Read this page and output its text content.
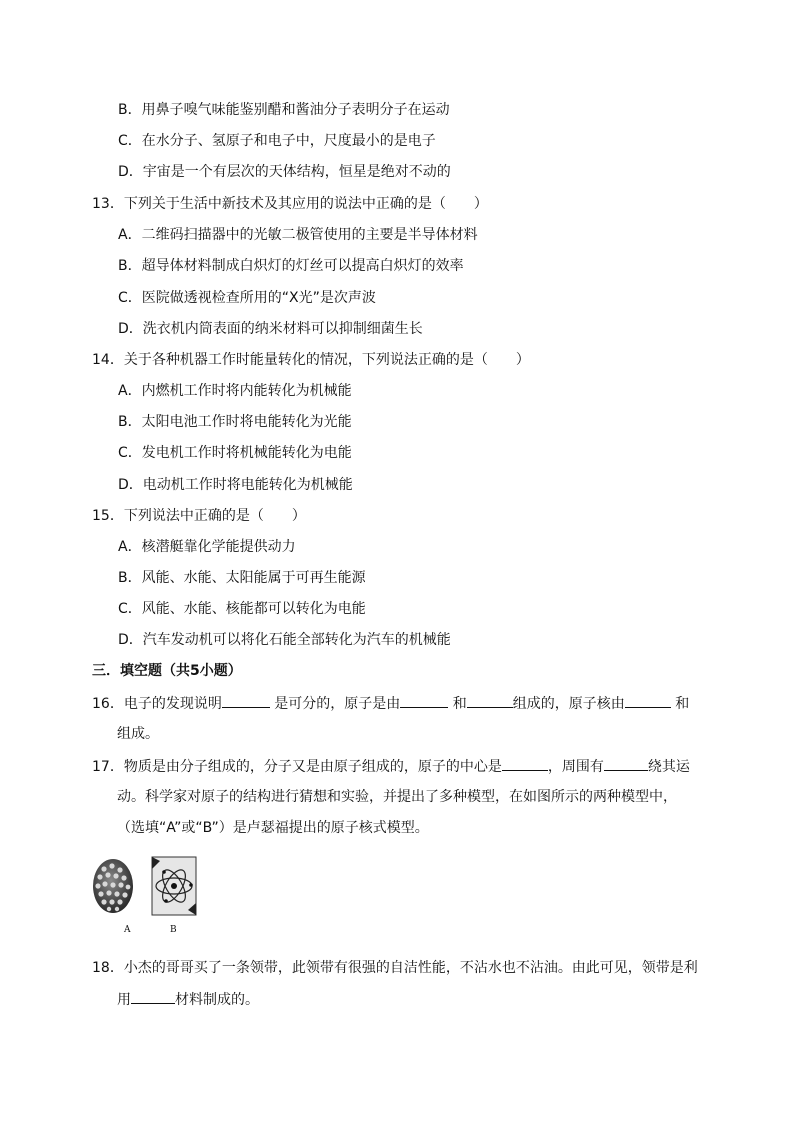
B．用鼻子嗅气味能鉴别醋和酱油分子表明分子在运动
C．在水分子、氢原子和电子中，尺度最小的是电子
D．宇宙是一个有层次的天体结构，恒星是绝对不动的
13．下列关于生活中新技术及其应用的说法中正确的是（　　）
A．二维码扫描器中的光敏二极管使用的主要是半导体材料
B．超导体材料制成白炽灯的灯丝可以提高白炽灯的效率
C．医院做透视检查所用的“X光”是次声波
D．洗衣机内筒表面的纳米材料可以抑制细菌生长
14．关于各种机器工作时能量转化的情况，下列说法正确的是（　　）
A．内燃机工作时将内能转化为机械能
B．太阳电池工作时将电能转化为光能
C．发电机工作时将机械能转化为电能
D．电动机工作时将电能转化为机械能
15．下列说法中正确的是（　　）
A．核潜艇靠化学能提供动力
B．风能、水能、太阳能属于可再生能源
C．风能、水能、核能都可以转化为电能
D．汽车发动机可以将化石能全部转化为汽车的机械能
三．填空题（共5小题）
16．电子的发现说明	是可分的，原子是由	和	组成的，原子核由	和
组成。
17．物质是由分子组成的，分子又是由原子组成的，原子的中心是	，周围有	绕其运
动。科学家对原子的结构进行猜想和实验，并提出了多种模型，在如图所示的两种模型中，
（选填“A”或“B”）是卢瑟福提出的原子核式模型。
A	B
18．小杰的哥哥买了一条领带，此领带有很强的自洁性能，不沾水也不沾油。由此可见，领带是利
用	材料制成的。
